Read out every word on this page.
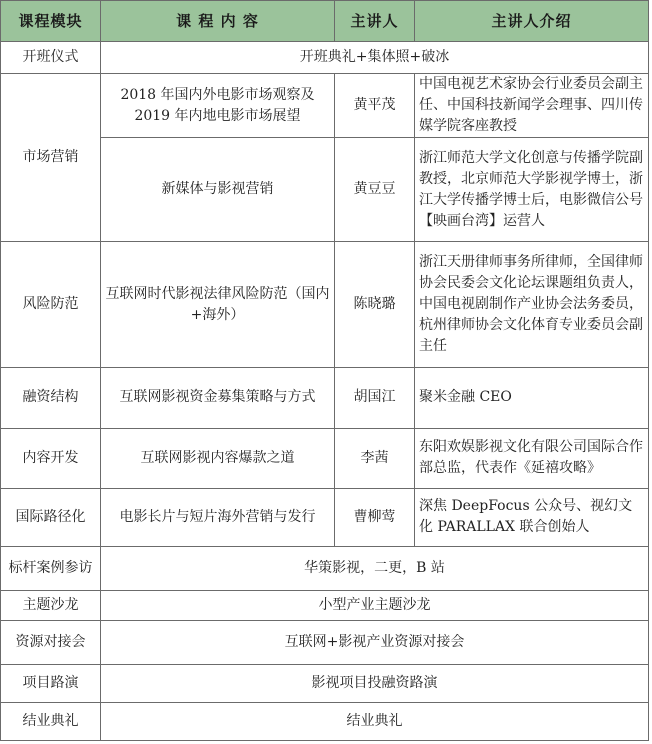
课程模块	课 程 内 容	主讲人	主讲人介绍
开班仪式	开班典礼+集体照+破冰		
市场营销	2018 年国内外电影市场观察及 2019 年内地电影市场展望	黄平茂	中国电视艺术家协会行业委员会副主任、中国科技新闻学会理事、四川传媒学院客座教授
	新媒体与影视营销	黄豆豆	浙江师范大学文化创意与传播学院副教授，北京师范大学影视学博士，浙江大学传播学博士后，电影微信公号【映画台湾】运营人
风险防范	互联网时代影视法律风险防范（国内+海外）	陈晓璐	浙江天册律师事务所律师，全国律师协会民委会文化论坛课题组负责人，中国电视剧制作产业协会法务委员，杭州律师协会文化体育专业委员会副主任
融资结构	互联网影视资金募集策略与方式	胡国江	聚米金融 CEO
内容开发	互联网影视内容爆款之道	李茜	东阳欢娱影视文化有限公司国际合作部总监，代表作《延禧攻略》
国际路径化	电影长片与短片海外营销与发行	曹柳莺	深焦 DeepFocus 公众号、视幻文化 PARALLAX 联合创始人
标杆案例参访	华策影视，二更，B 站		
主题沙龙	小型产业主题沙龙		
资源对接会	互联网+影视产业资源对接会		
项目路演	影视项目投融资路演		
结业典礼	结业典礼		
